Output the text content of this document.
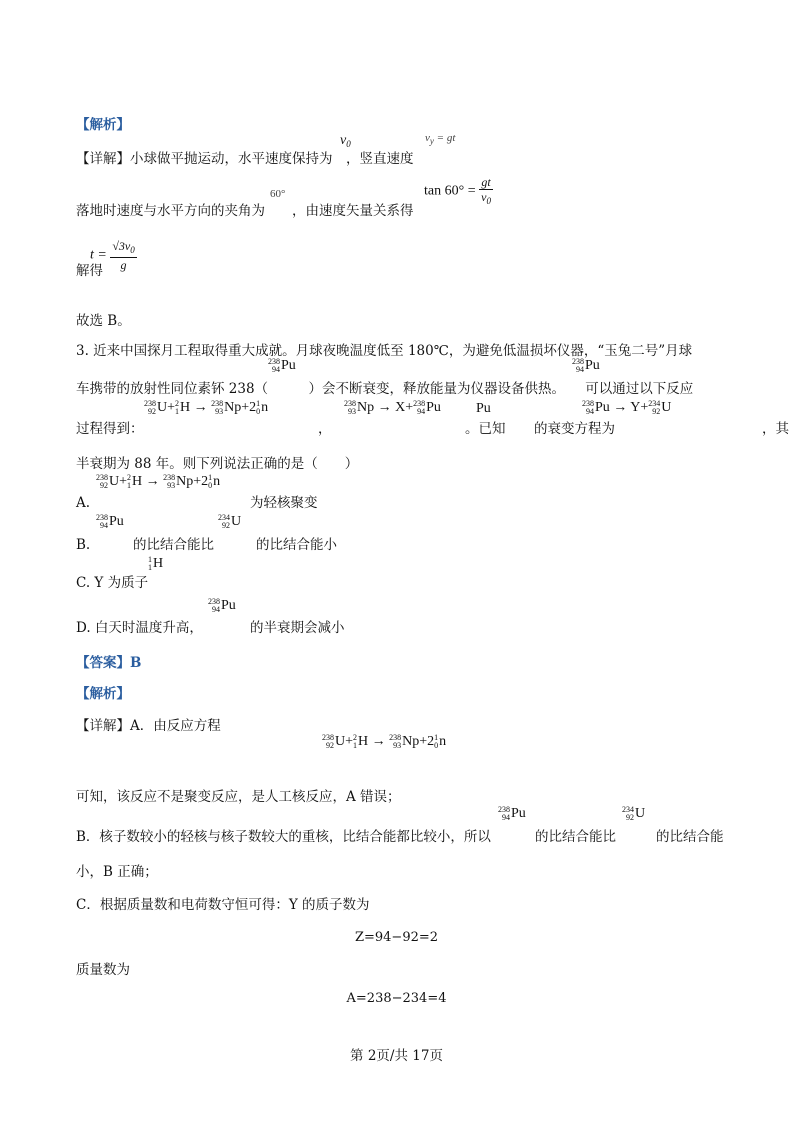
【解析】
$v_0$	$v_y$ = gt
【详解】小球做平抛运动，水平速度保持为　，竖直速度
60°	$\tan 60^\circ = \frac{gt}{v_0}$
落地时速度与水平方向的夹角为　　，由速度矢量关系得
$t = \frac{√3v_0}{g}$
解得
故选 B。
3. 近来中国探月工程取得重大成就。月球夜晚温度低至 180℃，为避免低温损坏仪器，“玉兔二号”月球
238
94 Pu	238
94 Pu
车携带的放射性同位素钚 238（　　　）会不断衰变，释放能量为仪器设备供热。　　可以通过以下反应
238
92 U+ 2
1 H → 238
93 Np+2 1
0 n	238
93 Np → X+ 238
94 Pu	Pu	238
94 Pu → Y+ 234
92 U
过程得到：	，	。已知 的衰变方程为	，其
半衰期为 88 年。则下列说法正确的是（　　）
238
92 U+ 2
1 H → 238
93 Np+2 1
0 n
A.	为轻核聚变
238
94 Pu	234
92 U
B.	的比结合能比	的比结合能小
1
1 H
C. Y 为质子
238
94 Pu
D. 白天时温度升高，	的半衰期会减小
【答案】B
【解析】
【详解】A．由反应方程
238
92 U+ 2
1 H → 238
93 Np+2 1
0 n
可知，该反应不是聚变反应，是人工核反应，A 错误；
238
94 Pu	234
92 U
B．核子数较小的轻核与核子数较大的重核，比结合能都比较小，所以	的比结合能比	的比结合能
小，B 正确；
C．根据质量数和电荷数守恒可得：Y 的质子数为
Z=94−92=2
质量数为
A=238−234=4
第 2页/共 17页
